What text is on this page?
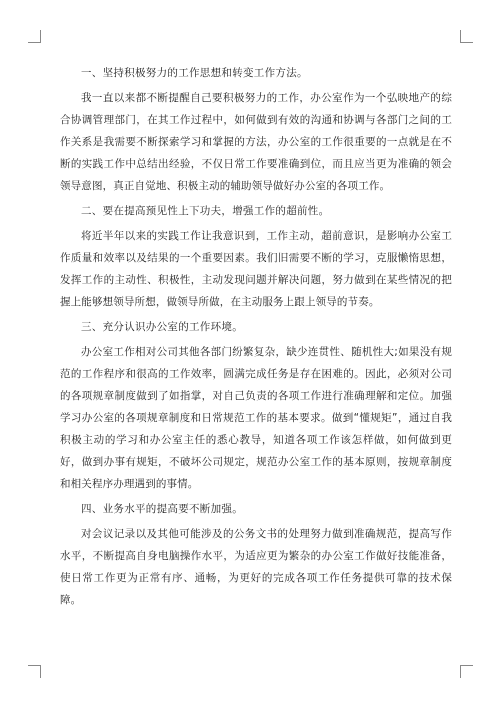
一、坚持积极努力的工作思想和转变工作方法。
我一直以来都不断提醒自己要积极努力的工作，办公室作为一个弘映地产的综合协调管理部门，在其工作过程中，如何做到有效的沟通和协调与各部门之间的工作关系是我需要不断探索学习和掌握的方法，办公室的工作很重要的一点就是在不断的实践工作中总结出经验，不仅日常工作要准确到位，而且应当更为准确的领会领导意图，真正自觉地、积极主动的辅助领导做好办公室的各项工作。
二、要在提高预见性上下功夫，增强工作的超前性。
将近半年以来的实践工作让我意识到，工作主动，超前意识，是影响办公室工作质量和效率以及结果的一个重要因素。我们旧需要不断的学习，克服懒惰思想，发挥工作的主动性、积极性，主动发现问题并解决问题，努力做到在某些情况的把握上能够想领导所想，做领导所做，在主动服务上跟上领导的节奏。
三、充分认识办公室的工作环境。
办公室工作相对公司其他各部门纷繁复杂，缺少连贯性、随机性大;如果没有规范的工作程序和很高的工作效率，圆满完成任务是存在困难的。因此，必须对公司的各项规章制度做到了如指掌，对自己负责的各项工作进行准确理解和定位。加强学习办公室的各项规章制度和日常规范工作的基本要求。做到“懂规矩”，通过自我积极主动的学习和办公室主任的悉心教导，知道各项工作该怎样做，如何做到更好，做到办事有规矩，不破坏公司规定，规范办公室工作的基本原则，按规章制度和相关程序办理遇到的事情。
四、业务水平的提高要不断加强。
对会议记录以及其他可能涉及的公务文书的处理努力做到准确规范，提高写作水平，不断提高自身电脑操作水平，为适应更为繁杂的办公室工作做好技能准备，使日常工作更为正常有序、通畅，为更好的完成各项工作任务提供可靠的技术保障。
